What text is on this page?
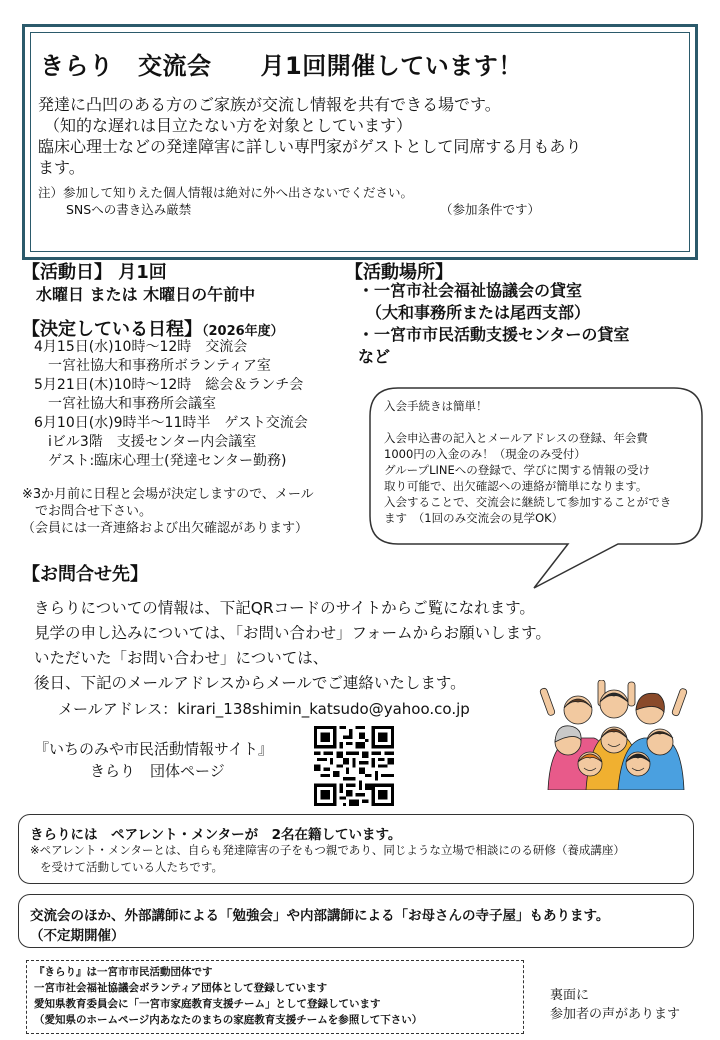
きらり　交流会　　月1回開催しています！
発達に凸凹のある方のご家族が交流し情報を共有できる場です。
（知的な遅れは目立たない方を対象としています）
臨床心理士などの発達障害に詳しい専門家がゲストとして同席する月もあり
ます。
注）参加して知りえた個人情報は絶対に外へ出さないでください。
SNSへの書き込み厳禁	（参加条件です）
【活動日】 月1回
水曜日 または 木曜日の午前中
【決定している日程】（2026年度）
4月15日(水)10時～12時　交流会
　一宮社協大和事務所ボランティア室
5月21日(木)10時～12時　総会＆ランチ会
　一宮社協大和事務所会議室
6月10日(水)9時半～11時半　ゲスト交流会
　iビル3階　支援センター内会議室
　ゲスト:臨床心理士(発達センター勤務)
※3か月前に日程と会場が決定しますので、メール
　でお問合せ下さい。
（会員には一斉連絡および出欠確認があります）
【活動場所】
・一宮市社会福祉協議会の貸室
　（大和事務所または尾西支部）
・一宮市市民活動支援センターの貸室
など
入会手続きは簡単！
入会申込書の記入とメールアドレスの登録、年会費
1000円の入金のみ！（現金のみ受付）
グループLINEへの登録で、学びに関する情報の受け
取り可能で、出欠確認への連絡が簡単になります。
入会することで、交流会に継続して参加することができ
ます　（1回のみ交流会の見学OK）
【お問合せ先】
きらりについての情報は、下記QRコードのサイトからご覧になれます。
見学の申し込みについては、「お問い合わせ」フォームからお願いします。
いただいた「お問い合わせ」については、
後日、下記のメールアドレスからメールでご連絡いたします。
メールアドレス：kirari_138shimin_katsudo@yahoo.co.jp
『いちのみや市民活動情報サイト』
きらり　団体ページ
きらりには　ペアレント・メンターが　2名在籍しています。
※ペアレント・メンターとは、自らも発達障害の子をもつ親であり、同じような立場で相談にのる研修（養成講座）
を受けて活動している人たちです。
交流会のほか、外部講師による「勉強会」や内部講師による「お母さんの寺子屋」もあります。
（不定期開催）
『きらり』は一宮市市民活動団体です
一宮市社会福祉協議会ボランティア団体として登録しています
愛知県教育委員会に「一宮市家庭教育支援チーム」として登録しています
（愛知県のホームページ内あなたのまちの家庭教育支援チームを参照して下さい）
裏面に
参加者の声があります
